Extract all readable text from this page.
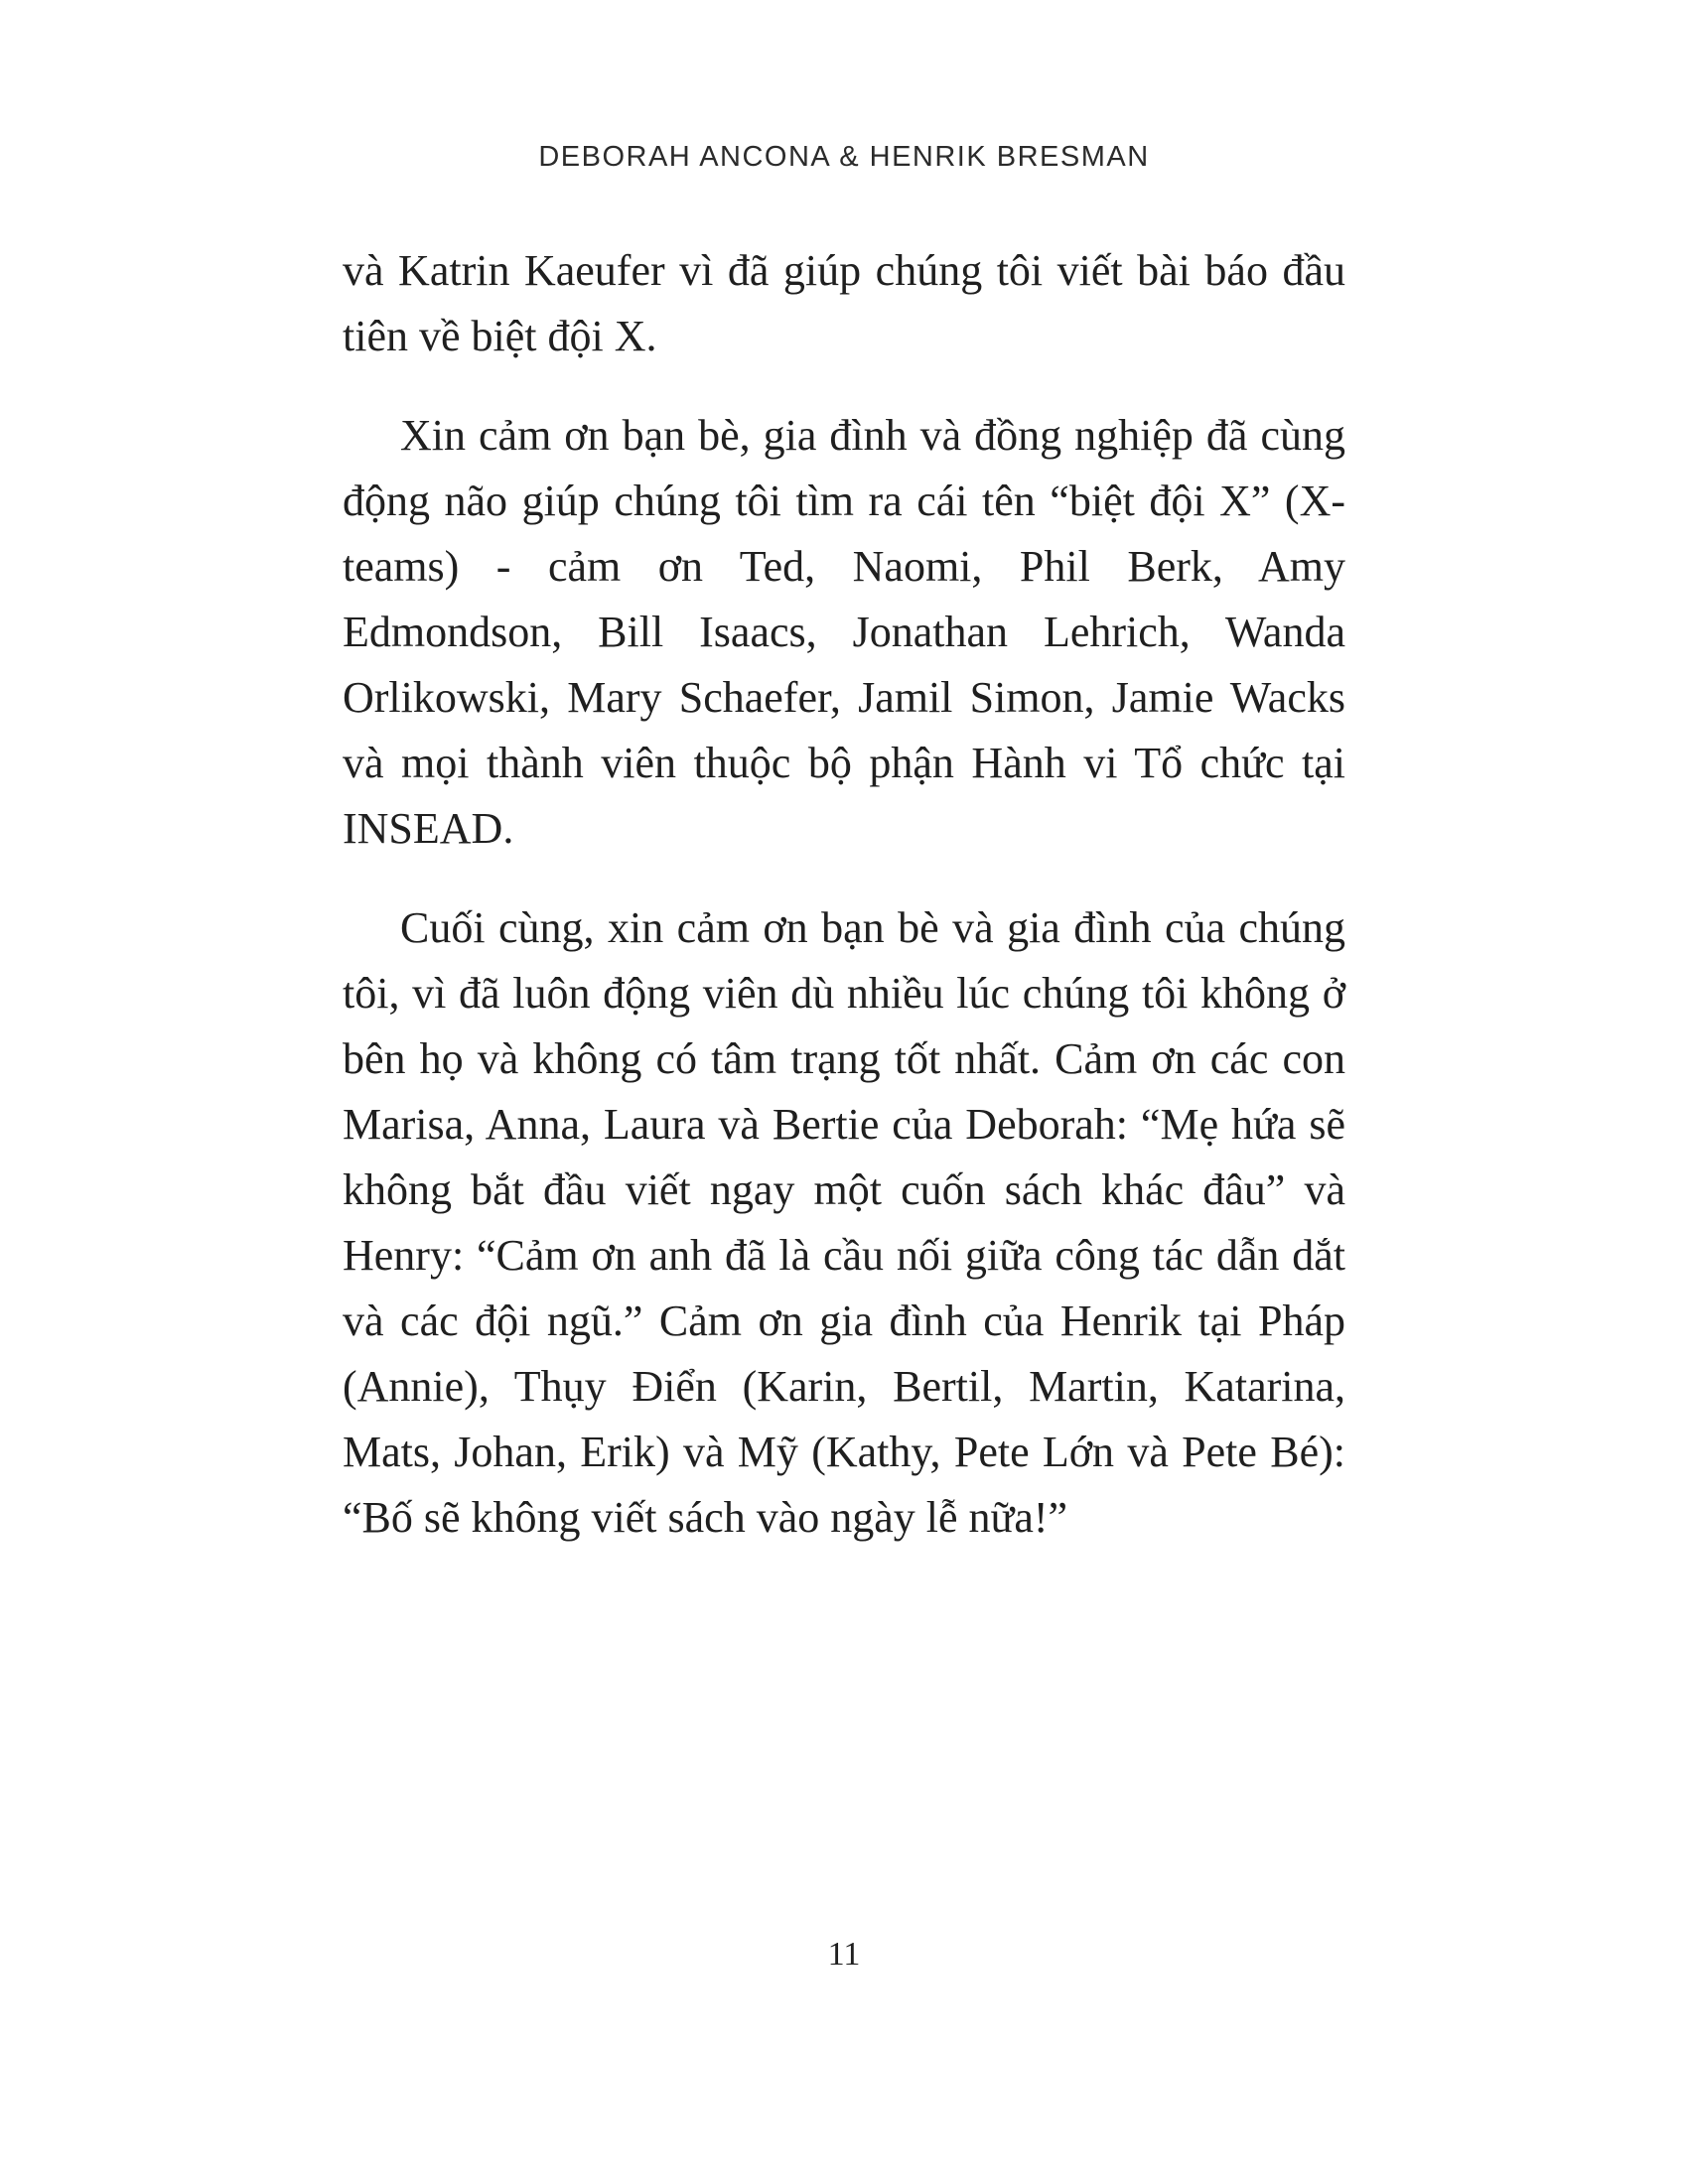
DEBORAH ANCONA & HENRIK BRESMAN

và Katrin Kaeufer vì đã giúp chúng tôi viết bài báo đầu tiên về biệt đội X.

Xin cảm ơn bạn bè, gia đình và đồng nghiệp đã cùng động não giúp chúng tôi tìm ra cái tên “biệt đội X” (X-teams) - cảm ơn Ted, Naomi, Phil Berk, Amy Edmondson, Bill Isaacs, Jonathan Lehrich, Wanda Orlikowski, Mary Schaefer, Jamil Simon, Jamie Wacks và mọi thành viên thuộc bộ phận Hành vi Tổ chức tại INSEAD.

Cuối cùng, xin cảm ơn bạn bè và gia đình của chúng tôi, vì đã luôn động viên dù nhiều lúc chúng tôi không ở bên họ và không có tâm trạng tốt nhất. Cảm ơn các con Marisa, Anna, Laura và Bertie của Deborah: “Mẹ hứa sẽ không bắt đầu viết ngay một cuốn sách khác đâu” và Henry: “Cảm ơn anh đã là cầu nối giữa công tác dẫn dắt và các đội ngũ.” Cảm ơn gia đình của Henrik tại Pháp (Annie), Thụy Điển (Karin, Bertil, Martin, Katarina, Mats, Johan, Erik) và Mỹ (Kathy, Pete Lớn và Pete Bé): “Bố sẽ không viết sách vào ngày lễ nữa!”

11
